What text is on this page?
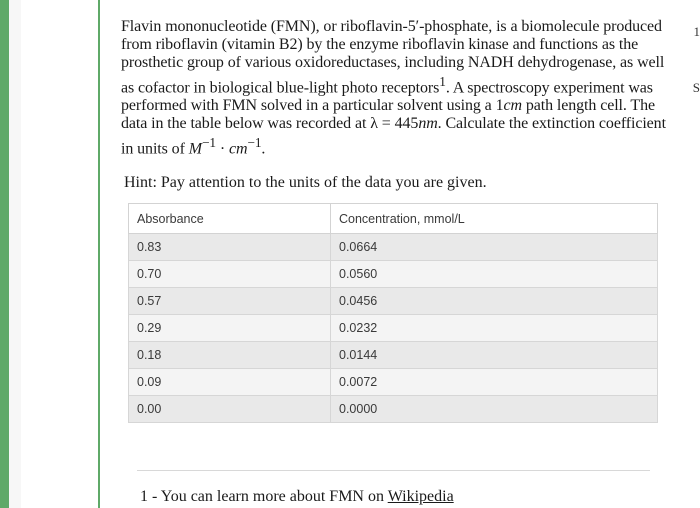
Flavin mononucleotide (FMN), or riboflavin-5′-phosphate, is a biomolecule produced from riboflavin (vitamin B2) by the enzyme riboflavin kinase and functions as the prosthetic group of various oxidoreductases, including NADH dehydrogenase, as well as cofactor in biological blue-light photo receptors$^1$. A spectroscopy experiment was performed with FMN solved in a particular solvent using a 1cm path length cell. The data in the table below was recorded at λ = 445nm. Calculate the extinction coefficient in units of $M^{-1} \cdot cm^{-1}$.

Hint: Pay attention to the units of the data you are given.

Absorbance	Concentration, mmol/L
0.83	0.0664
0.70	0.0560
0.57	0.0456
0.29	0.0232
0.18	0.0144
0.09	0.0072
0.00	0.0000
1 - You can learn more about FMN on Wikipedia
1
S
